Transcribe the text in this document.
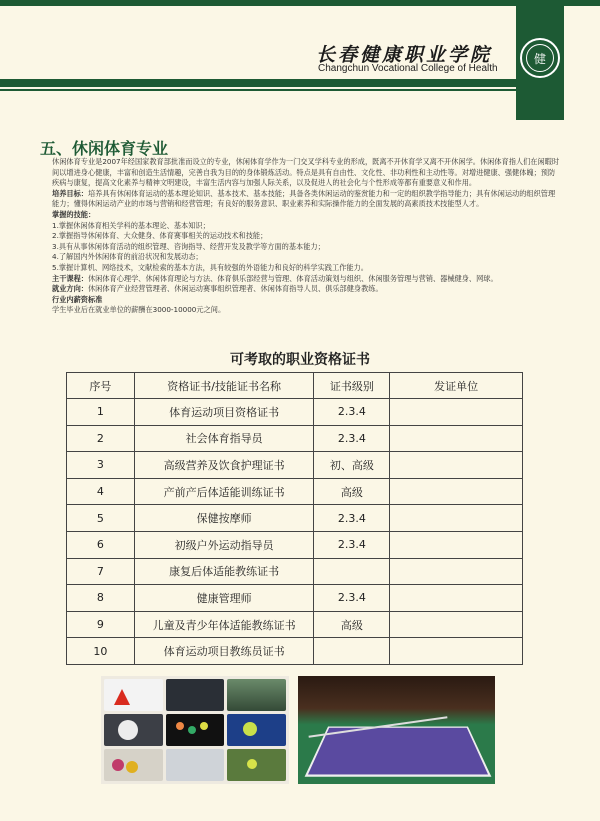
健
长春健康职业学院
Changchun Vocational College of Health
五、休闲体育专业

休闲体育专业是2007年经国家教育部批准而设立的专业，休闲体育学作为一门交叉学科专业的形成，既离不开休育学又离不开休闲学。休闲体育指人们在闲暇时间以增进身心健康，丰富和创造生活情趣，完善自我为目的的身体锻炼活动。特点是具有自由性、文化性、非功利性和主动性等。对增进健康、强健体魄；预防疾病与康复，提高文化素养与精神文明建设，丰富生活内容与加强人际关系，以及促进人的社会化与个性形成等都有重要意义和作用。

培养目标：培养具有休闲体育运动的基本理论知识、基本技术、基本技能；具备各类休闲运动的鉴赏能力和一定的组织教学指导能力；具有休闲运动的组织管理能力；懂得休闲运动产业的市场与营销和经营管理；有良好的服务意识、职业素养和实际操作能力的全面发展的高素质技术技能型人才。

掌握的技能：

1.掌握休闲体育相关学科的基本理论、基本知识；

2.掌握指导休闲体育、大众健身、体育赛事相关的运动技术和技能；

3.具有从事休闲体育活动的组织管理、咨询指导、经营开发及教学等方面的基本能力；

4.了解国内外休闲体育的前沿状况和发展动态；

5.掌握计算机、网络技术，文献检索的基本方法，具有较强的外语能力和良好的科学实践工作能力。

主干课程：休闲体育心理学、休闲体育理论与方法、体育俱乐部经营与管理、体育活动策划与组织、休闲服务管理与营销、器械健身、网球。

就业方向：休闲体育产业经营管理者、休闲运动赛事组织管理者、休闲体育指导人员、俱乐部健身教练。

行业内薪资标准

学生毕业后在就业单位的薪酬在3000-10000元之间。

可考取的职业资格证书
序号	资格证书/技能证书名称	证书级别	发证单位
1	体育运动项目资格证书	2.3.4	
2	社会体育指导员	2.3.4	
3	高级营养及饮食护理证书	初、高级	
4	产前产后体适能训练证书	高级	
5	保健按摩师	2.3.4	
6	初级户外运动指导员	2.3.4	
7	康复后体适能教练证书		
8	健康管理师	2.3.4	
9	儿童及青少年体适能教练证书	高级	
10	体育运动项目教练员证书		
